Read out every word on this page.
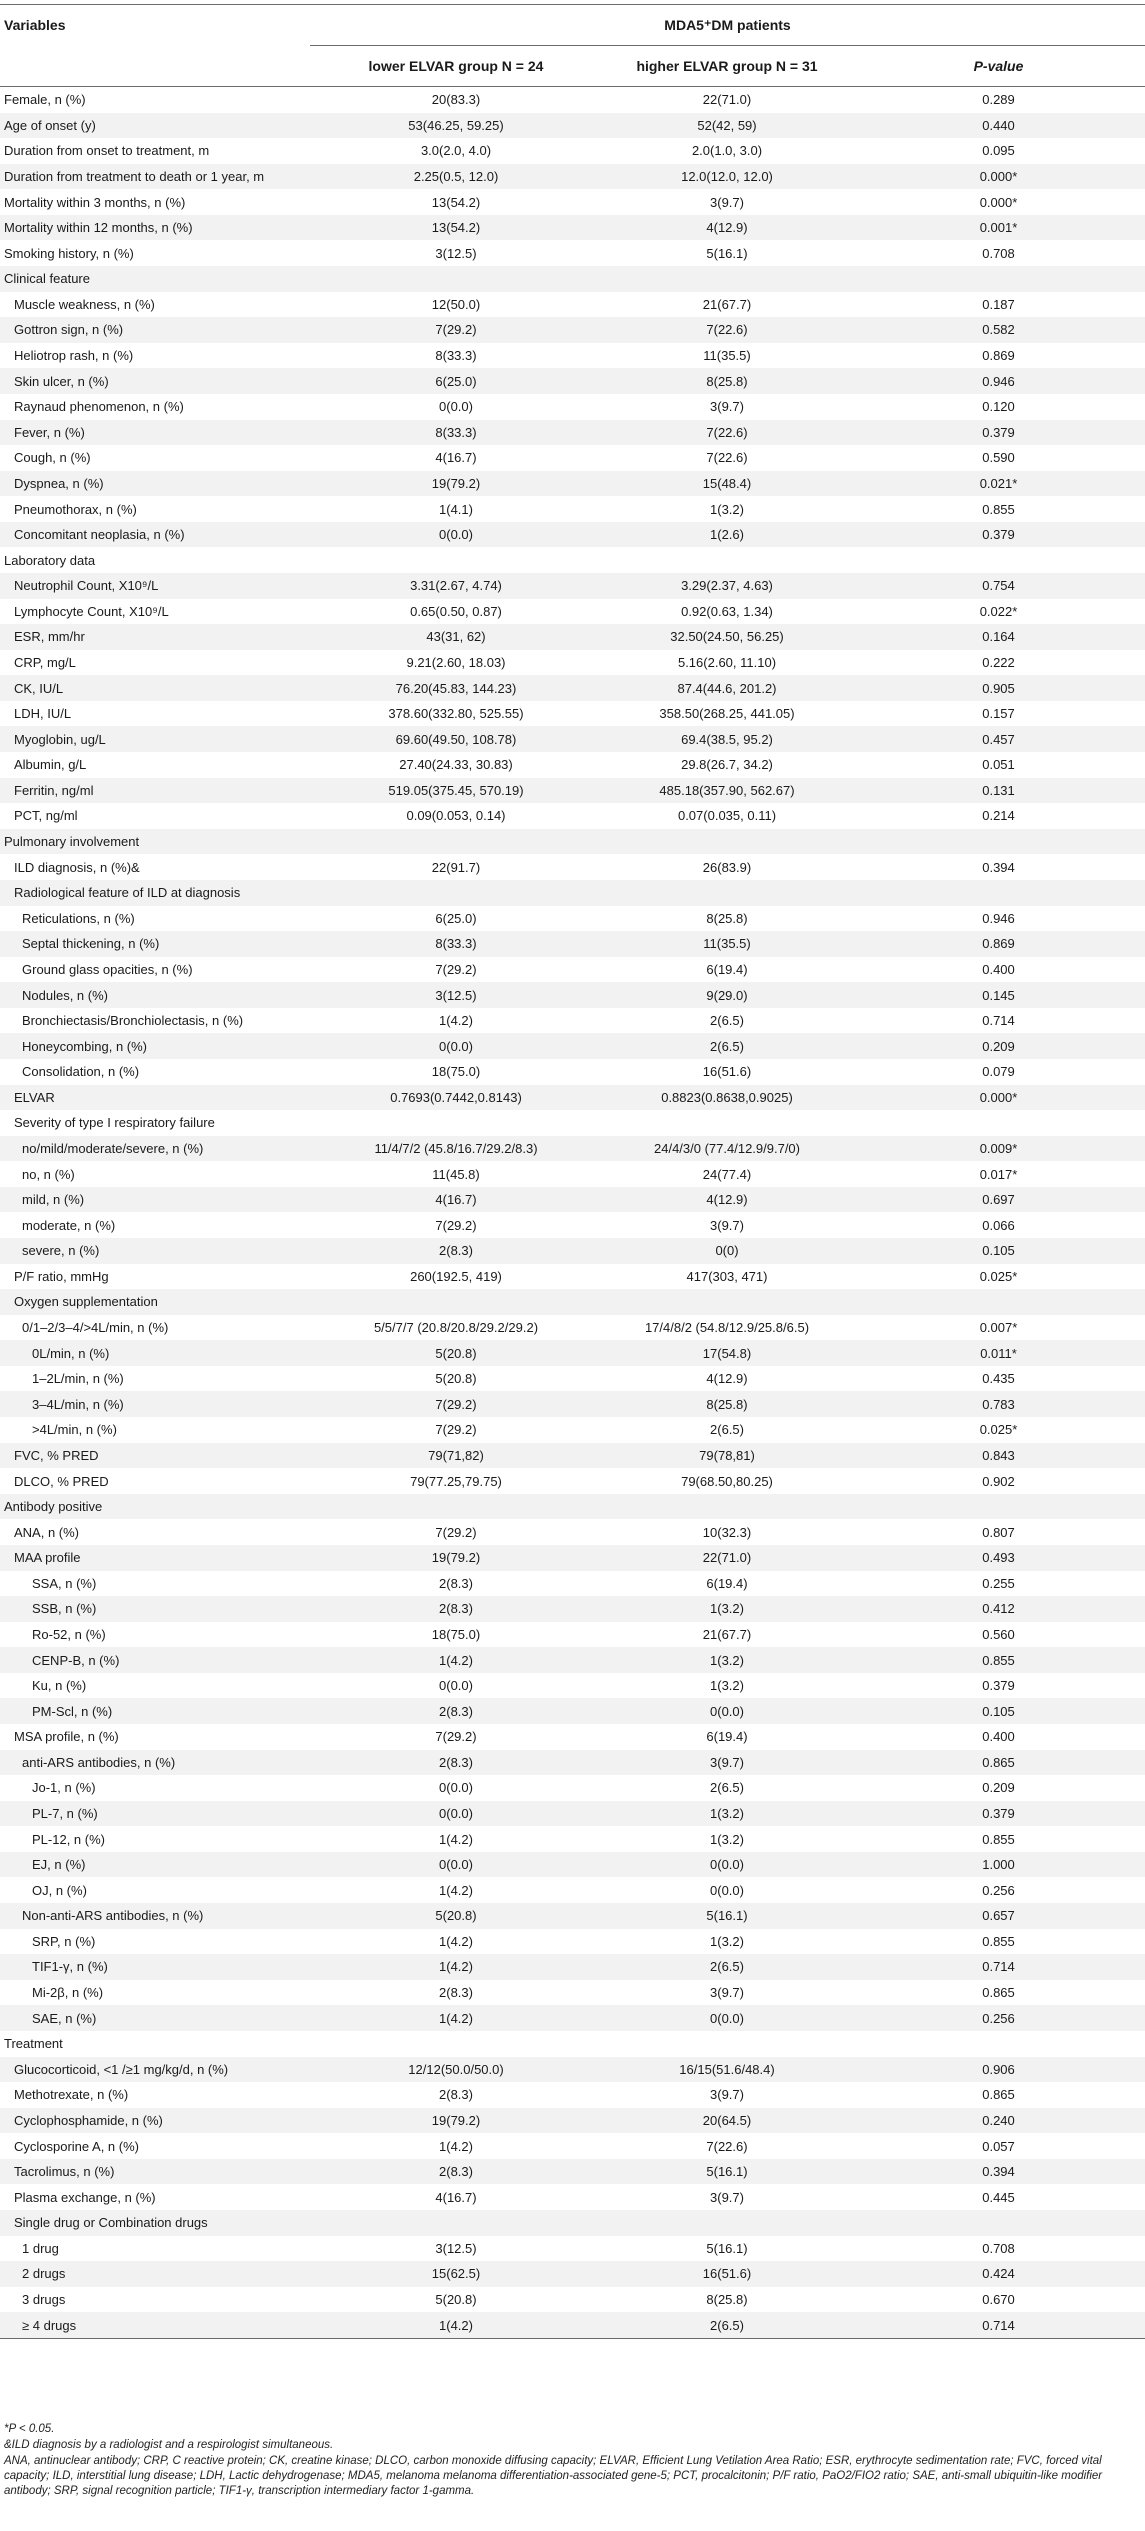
Variables	MDA5⁺DM patients		
	lower ELVAR group N = 24	higher ELVAR group N = 31	P-value
Female, n (%)	20(83.3)	22(71.0)	0.289
Age of onset (y)	53(46.25, 59.25)	52(42, 59)	0.440
Duration from onset to treatment, m	3.0(2.0, 4.0)	2.0(1.0, 3.0)	0.095
Duration from treatment to death or 1 year, m	2.25(0.5, 12.0)	12.0(12.0, 12.0)	0.000*
Mortality within 3 months, n (%)	13(54.2)	3(9.7)	0.000*
Mortality within 12 months, n (%)	13(54.2)	4(12.9)	0.001*
Smoking history, n (%)	3(12.5)	5(16.1)	0.708
Clinical feature			
Muscle weakness, n (%)	12(50.0)	21(67.7)	0.187
Gottron sign, n (%)	7(29.2)	7(22.6)	0.582
Heliotrop rash, n (%)	8(33.3)	11(35.5)	0.869
Skin ulcer, n (%)	6(25.0)	8(25.8)	0.946
Raynaud phenomenon, n (%)	0(0.0)	3(9.7)	0.120
Fever, n (%)	8(33.3)	7(22.6)	0.379
Cough, n (%)	4(16.7)	7(22.6)	0.590
Dyspnea, n (%)	19(79.2)	15(48.4)	0.021*
Pneumothorax, n (%)	1(4.1)	1(3.2)	0.855
Concomitant neoplasia, n (%)	0(0.0)	1(2.6)	0.379
Laboratory data			
Neutrophil Count, X10⁹/L	3.31(2.67, 4.74)	3.29(2.37, 4.63)	0.754
Lymphocyte Count, X10⁹/L	0.65(0.50, 0.87)	0.92(0.63, 1.34)	0.022*
ESR, mm/hr	43(31, 62)	32.50(24.50, 56.25)	0.164
CRP, mg/L	9.21(2.60, 18.03)	5.16(2.60, 11.10)	0.222
CK, IU/L	76.20(45.83, 144.23)	87.4(44.6, 201.2)	0.905
LDH, IU/L	378.60(332.80, 525.55)	358.50(268.25, 441.05)	0.157
Myoglobin, ug/L	69.60(49.50, 108.78)	69.4(38.5, 95.2)	0.457
Albumin, g/L	27.40(24.33, 30.83)	29.8(26.7, 34.2)	0.051
Ferritin, ng/ml	519.05(375.45, 570.19)	485.18(357.90, 562.67)	0.131
PCT, ng/ml	0.09(0.053, 0.14)	0.07(0.035, 0.11)	0.214
Pulmonary involvement			
ILD diagnosis, n (%)&	22(91.7)	26(83.9)	0.394
Radiological feature of ILD at diagnosis			
Reticulations, n (%)	6(25.0)	8(25.8)	0.946
Septal thickening, n (%)	8(33.3)	11(35.5)	0.869
Ground glass opacities, n (%)	7(29.2)	6(19.4)	0.400
Nodules, n (%)	3(12.5)	9(29.0)	0.145
Bronchiectasis/Bronchiolectasis, n (%)	1(4.2)	2(6.5)	0.714
Honeycombing, n (%)	0(0.0)	2(6.5)	0.209
Consolidation, n (%)	18(75.0)	16(51.6)	0.079
ELVAR	0.7693(0.7442,0.8143)	0.8823(0.8638,0.9025)	0.000*
Severity of type I respiratory failure			
no/mild/moderate/severe, n (%)	11/4/7/2 (45.8/16.7/29.2/8.3)	24/4/3/0 (77.4/12.9/9.7/0)	0.009*
no, n (%)	11(45.8)	24(77.4)	0.017*
mild, n (%)	4(16.7)	4(12.9)	0.697
moderate, n (%)	7(29.2)	3(9.7)	0.066
severe, n (%)	2(8.3)	0(0)	0.105
P/F ratio, mmHg	260(192.5, 419)	417(303, 471)	0.025*
Oxygen supplementation			
0/1–2/3–4/>4L/min, n (%)	5/5/7/7 (20.8/20.8/29.2/29.2)	17/4/8/2 (54.8/12.9/25.8/6.5)	0.007*
0L/min, n (%)	5(20.8)	17(54.8)	0.011*
1–2L/min, n (%)	5(20.8)	4(12.9)	0.435
3–4L/min, n (%)	7(29.2)	8(25.8)	0.783
>4L/min, n (%)	7(29.2)	2(6.5)	0.025*
FVC, % PRED	79(71,82)	79(78,81)	0.843
DLCO, % PRED	79(77.25,79.75)	79(68.50,80.25)	0.902
Antibody positive			
ANA, n (%)	7(29.2)	10(32.3)	0.807
MAA profile	19(79.2)	22(71.0)	0.493
SSA, n (%)	2(8.3)	6(19.4)	0.255
SSB, n (%)	2(8.3)	1(3.2)	0.412
Ro-52, n (%)	18(75.0)	21(67.7)	0.560
CENP-B, n (%)	1(4.2)	1(3.2)	0.855
Ku, n (%)	0(0.0)	1(3.2)	0.379
PM-Scl, n (%)	2(8.3)	0(0.0)	0.105
MSA profile, n (%)	7(29.2)	6(19.4)	0.400
anti-ARS antibodies, n (%)	2(8.3)	3(9.7)	0.865
Jo-1, n (%)	0(0.0)	2(6.5)	0.209
PL-7, n (%)	0(0.0)	1(3.2)	0.379
PL-12, n (%)	1(4.2)	1(3.2)	0.855
EJ, n (%)	0(0.0)	0(0.0)	1.000
OJ, n (%)	1(4.2)	0(0.0)	0.256
Non-anti-ARS antibodies, n (%)	5(20.8)	5(16.1)	0.657
SRP, n (%)	1(4.2)	1(3.2)	0.855
TIF1-γ, n (%)	1(4.2)	2(6.5)	0.714
Mi-2β, n (%)	2(8.3)	3(9.7)	0.865
SAE, n (%)	1(4.2)	0(0.0)	0.256
Treatment			
Glucocorticoid, <1 /≥1 mg/kg/d, n (%)	12/12(50.0/50.0)	16/15(51.6/48.4)	0.906
Methotrexate, n (%)	2(8.3)	3(9.7)	0.865
Cyclophosphamide, n (%)	19(79.2)	20(64.5)	0.240
Cyclosporine A, n (%)	1(4.2)	7(22.6)	0.057
Tacrolimus, n (%)	2(8.3)	5(16.1)	0.394
Plasma exchange, n (%)	4(16.7)	3(9.7)	0.445
Single drug or Combination drugs			
1 drug	3(12.5)	5(16.1)	0.708
2 drugs	15(62.5)	16(51.6)	0.424
3 drugs	5(20.8)	8(25.8)	0.670
≥ 4 drugs	1(4.2)	2(6.5)	0.714

*P < 0.05.

&ILD diagnosis by a radiologist and a respirologist simultaneous.

ANA, antinuclear antibody; CRP, C reactive protein; CK, creatine kinase; DLCO, carbon monoxide diffusing capacity; ELVAR, Efficient Lung Vetilation Area Ratio; ESR, erythrocyte sedimentation rate; FVC, forced vital capacity; ILD, interstitial lung disease; LDH, Lactic dehydrogenase; MDA5, melanoma melanoma differentiation-associated gene-5; PCT, procalcitonin; P/F ratio, PaO2/FIO2 ratio; SAE, anti-small ubiquitin-like modifier antibody; SRP, signal recognition particle; TIF1-γ, transcription intermediary factor 1-gamma.
